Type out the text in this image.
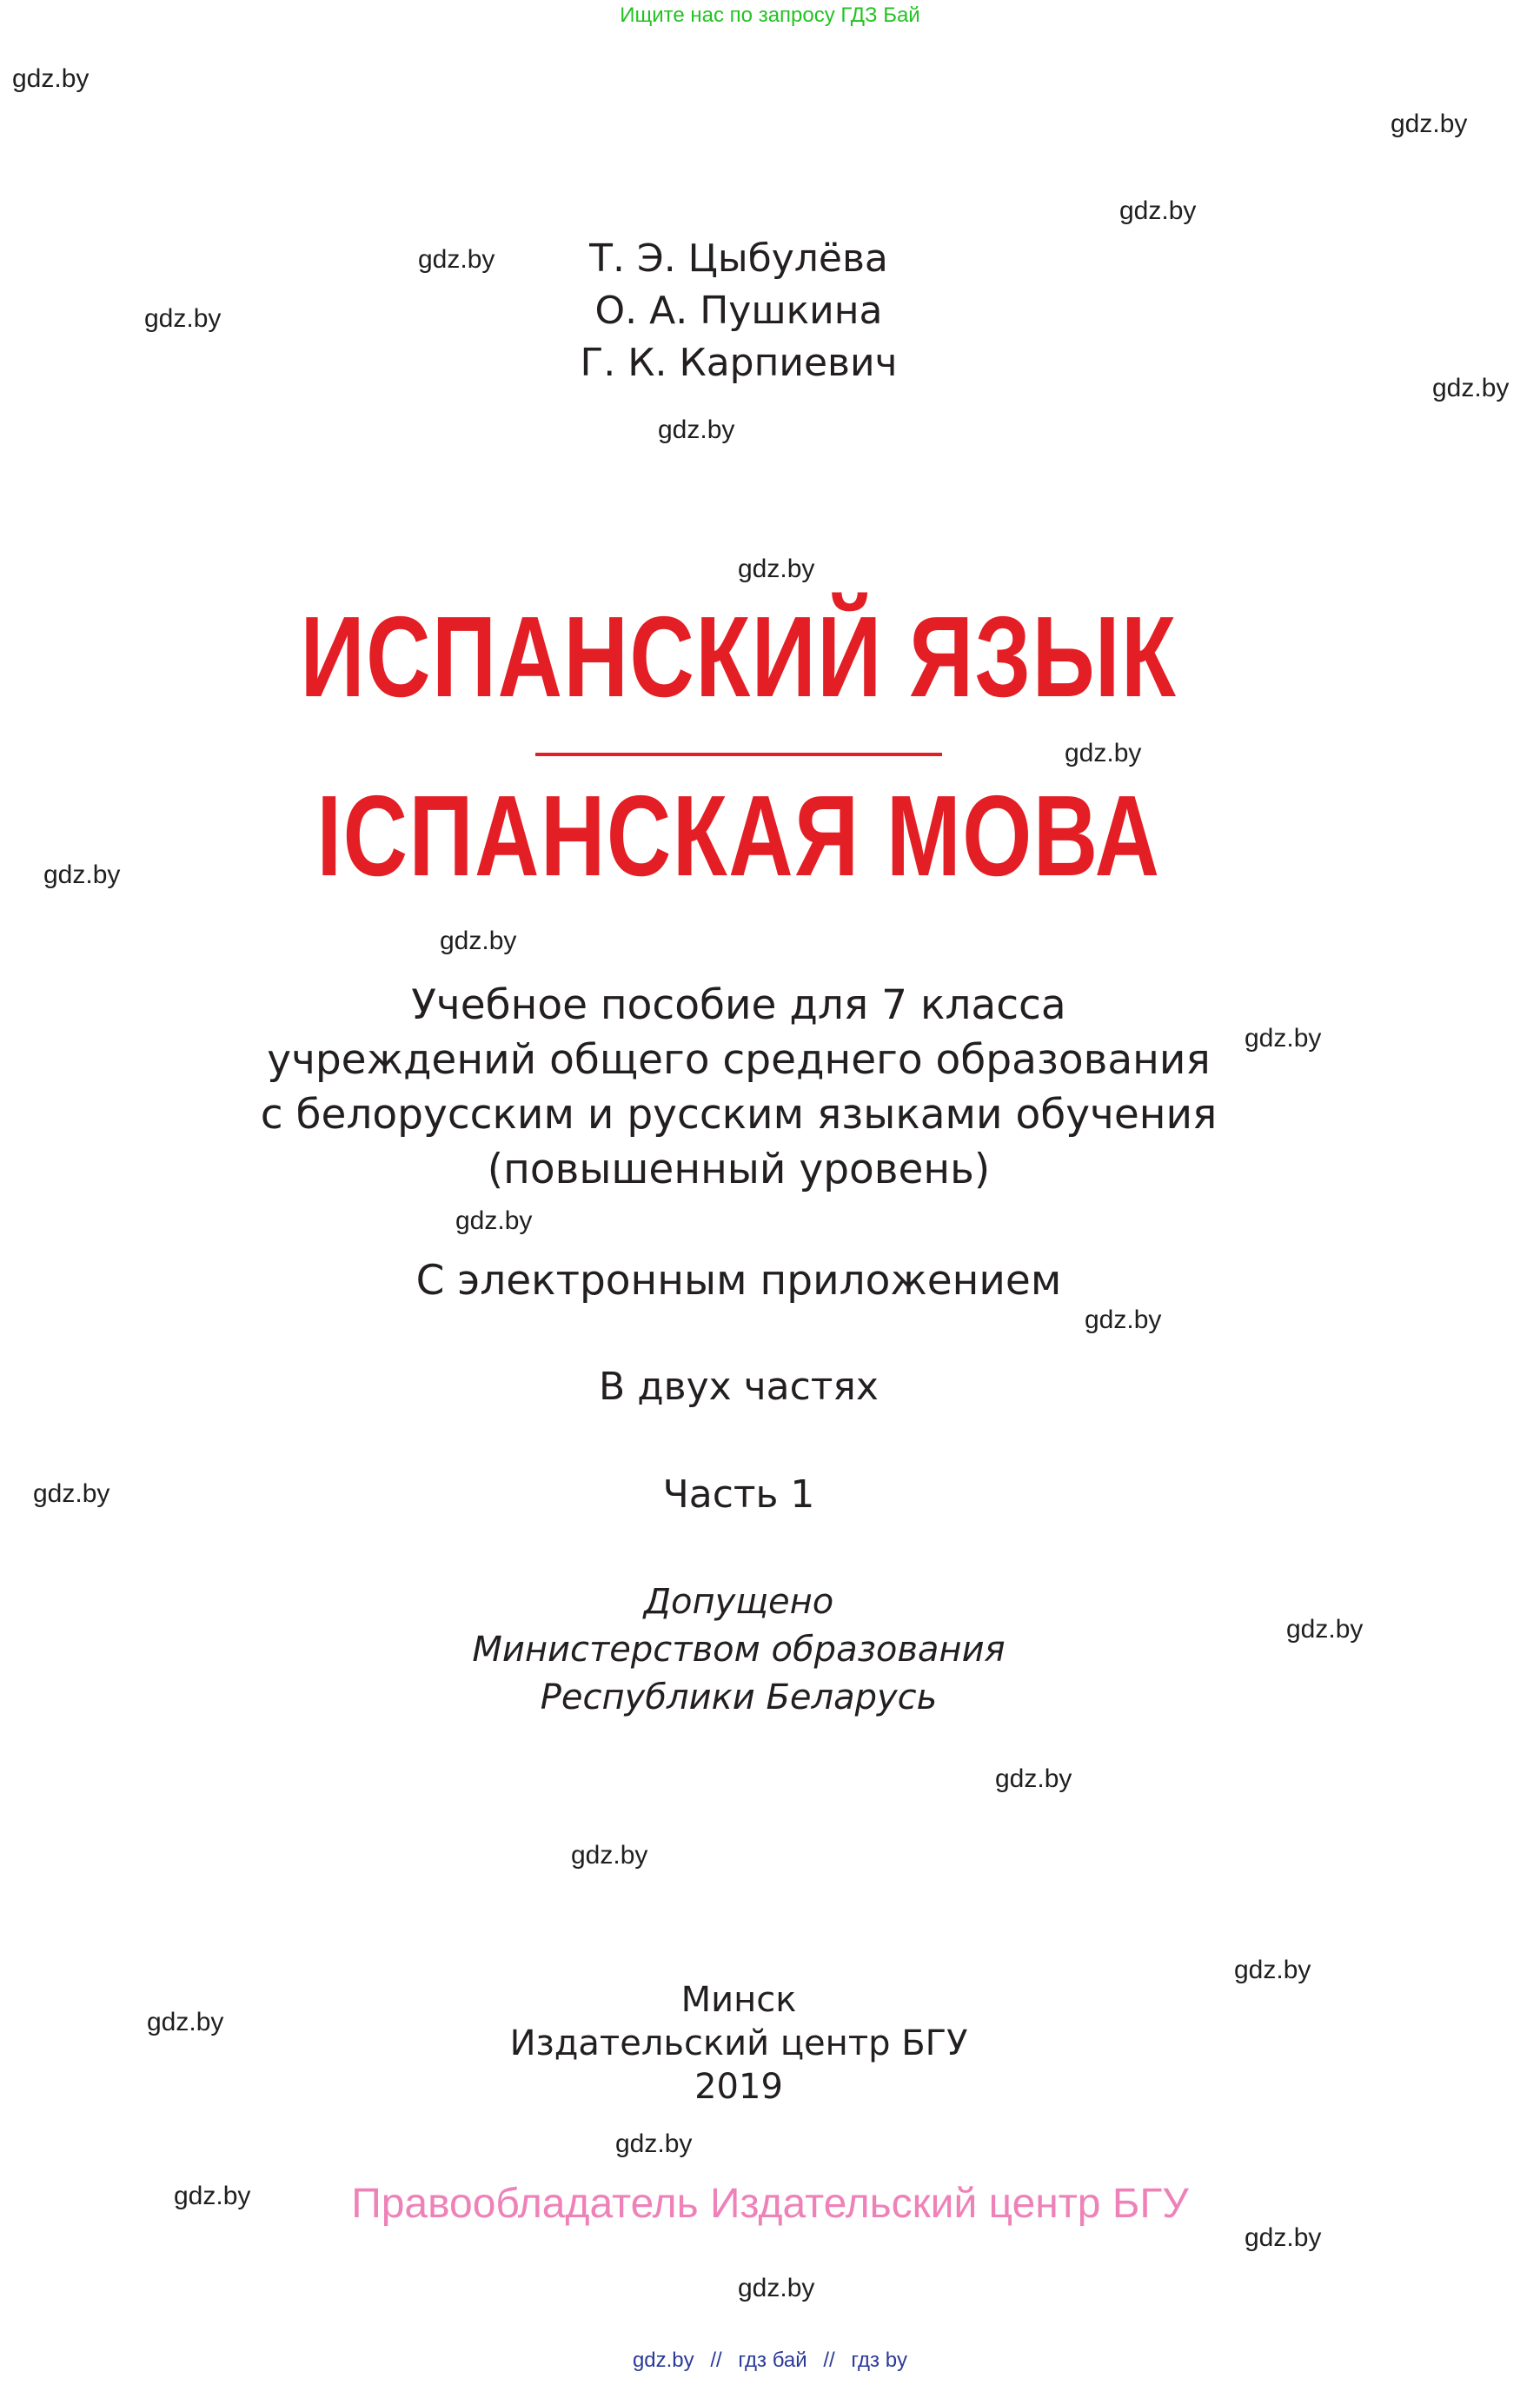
Ищите нас по запросу ГДЗ Бай
gdz.by
gdz.by
gdz.by
gdz.by
gdz.by
gdz.by
gdz.by
gdz.by
gdz.by
gdz.by
gdz.by
gdz.by
gdz.by
gdz.by
gdz.by
gdz.by
gdz.by
gdz.by
gdz.by
gdz.by
gdz.by
gdz.by
gdz.by
gdz.by
Т. Э. Цыбулёва
О. А. Пушкина
Г. К. Карпиевич
ИСПАНСКИЙ ЯЗЫК
ІСПАНСКАЯ МОВА
Учебное пособие для 7 класса
учреждений общего среднего образования
с белорусским и русским языками обучения
(повышенный уровень)
С электронным приложением
В двух частях
Часть 1
Допущено
Министерством образования
Республики Беларусь
Минск
Издательский центр БГУ
2019
Правообладатель Издательский центр БГУ
gdz.by // гдз бай // гдз by
